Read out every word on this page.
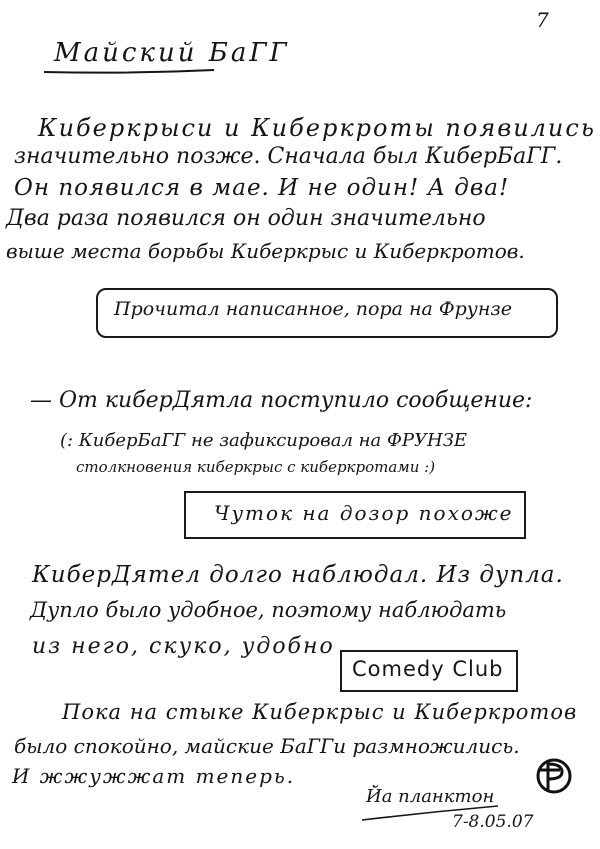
7
Майский БаГГ
Киберкрыси и Киберкроты появились
значительно позже. Сначала был КиберБаГГ.
Он появился в мае. И не один! А два!
Два раза появился он один значительно
выше места борьбы Киберкрыс и Киберкротов.
Прочитал написанное, пора на Фрунзе
— От киберДятла поступило сообщение:
(: КиберБаГГ не зафиксировал на ФРУНЗЕ
столкновения киберкрыс с киберкротами :)
Чуток на дозор похоже
КиберДятел долго наблюдал. Из дупла.
Дупло было удобное, поэтому наблюдать
из него, скуко, удобно
Comedy Club
Пока на стыке Киберкрыс и Киберкротов
было спокойно, майские БаГГи размножились.
И жжужжат теперь.
Йа планктон
7-8.05.07
